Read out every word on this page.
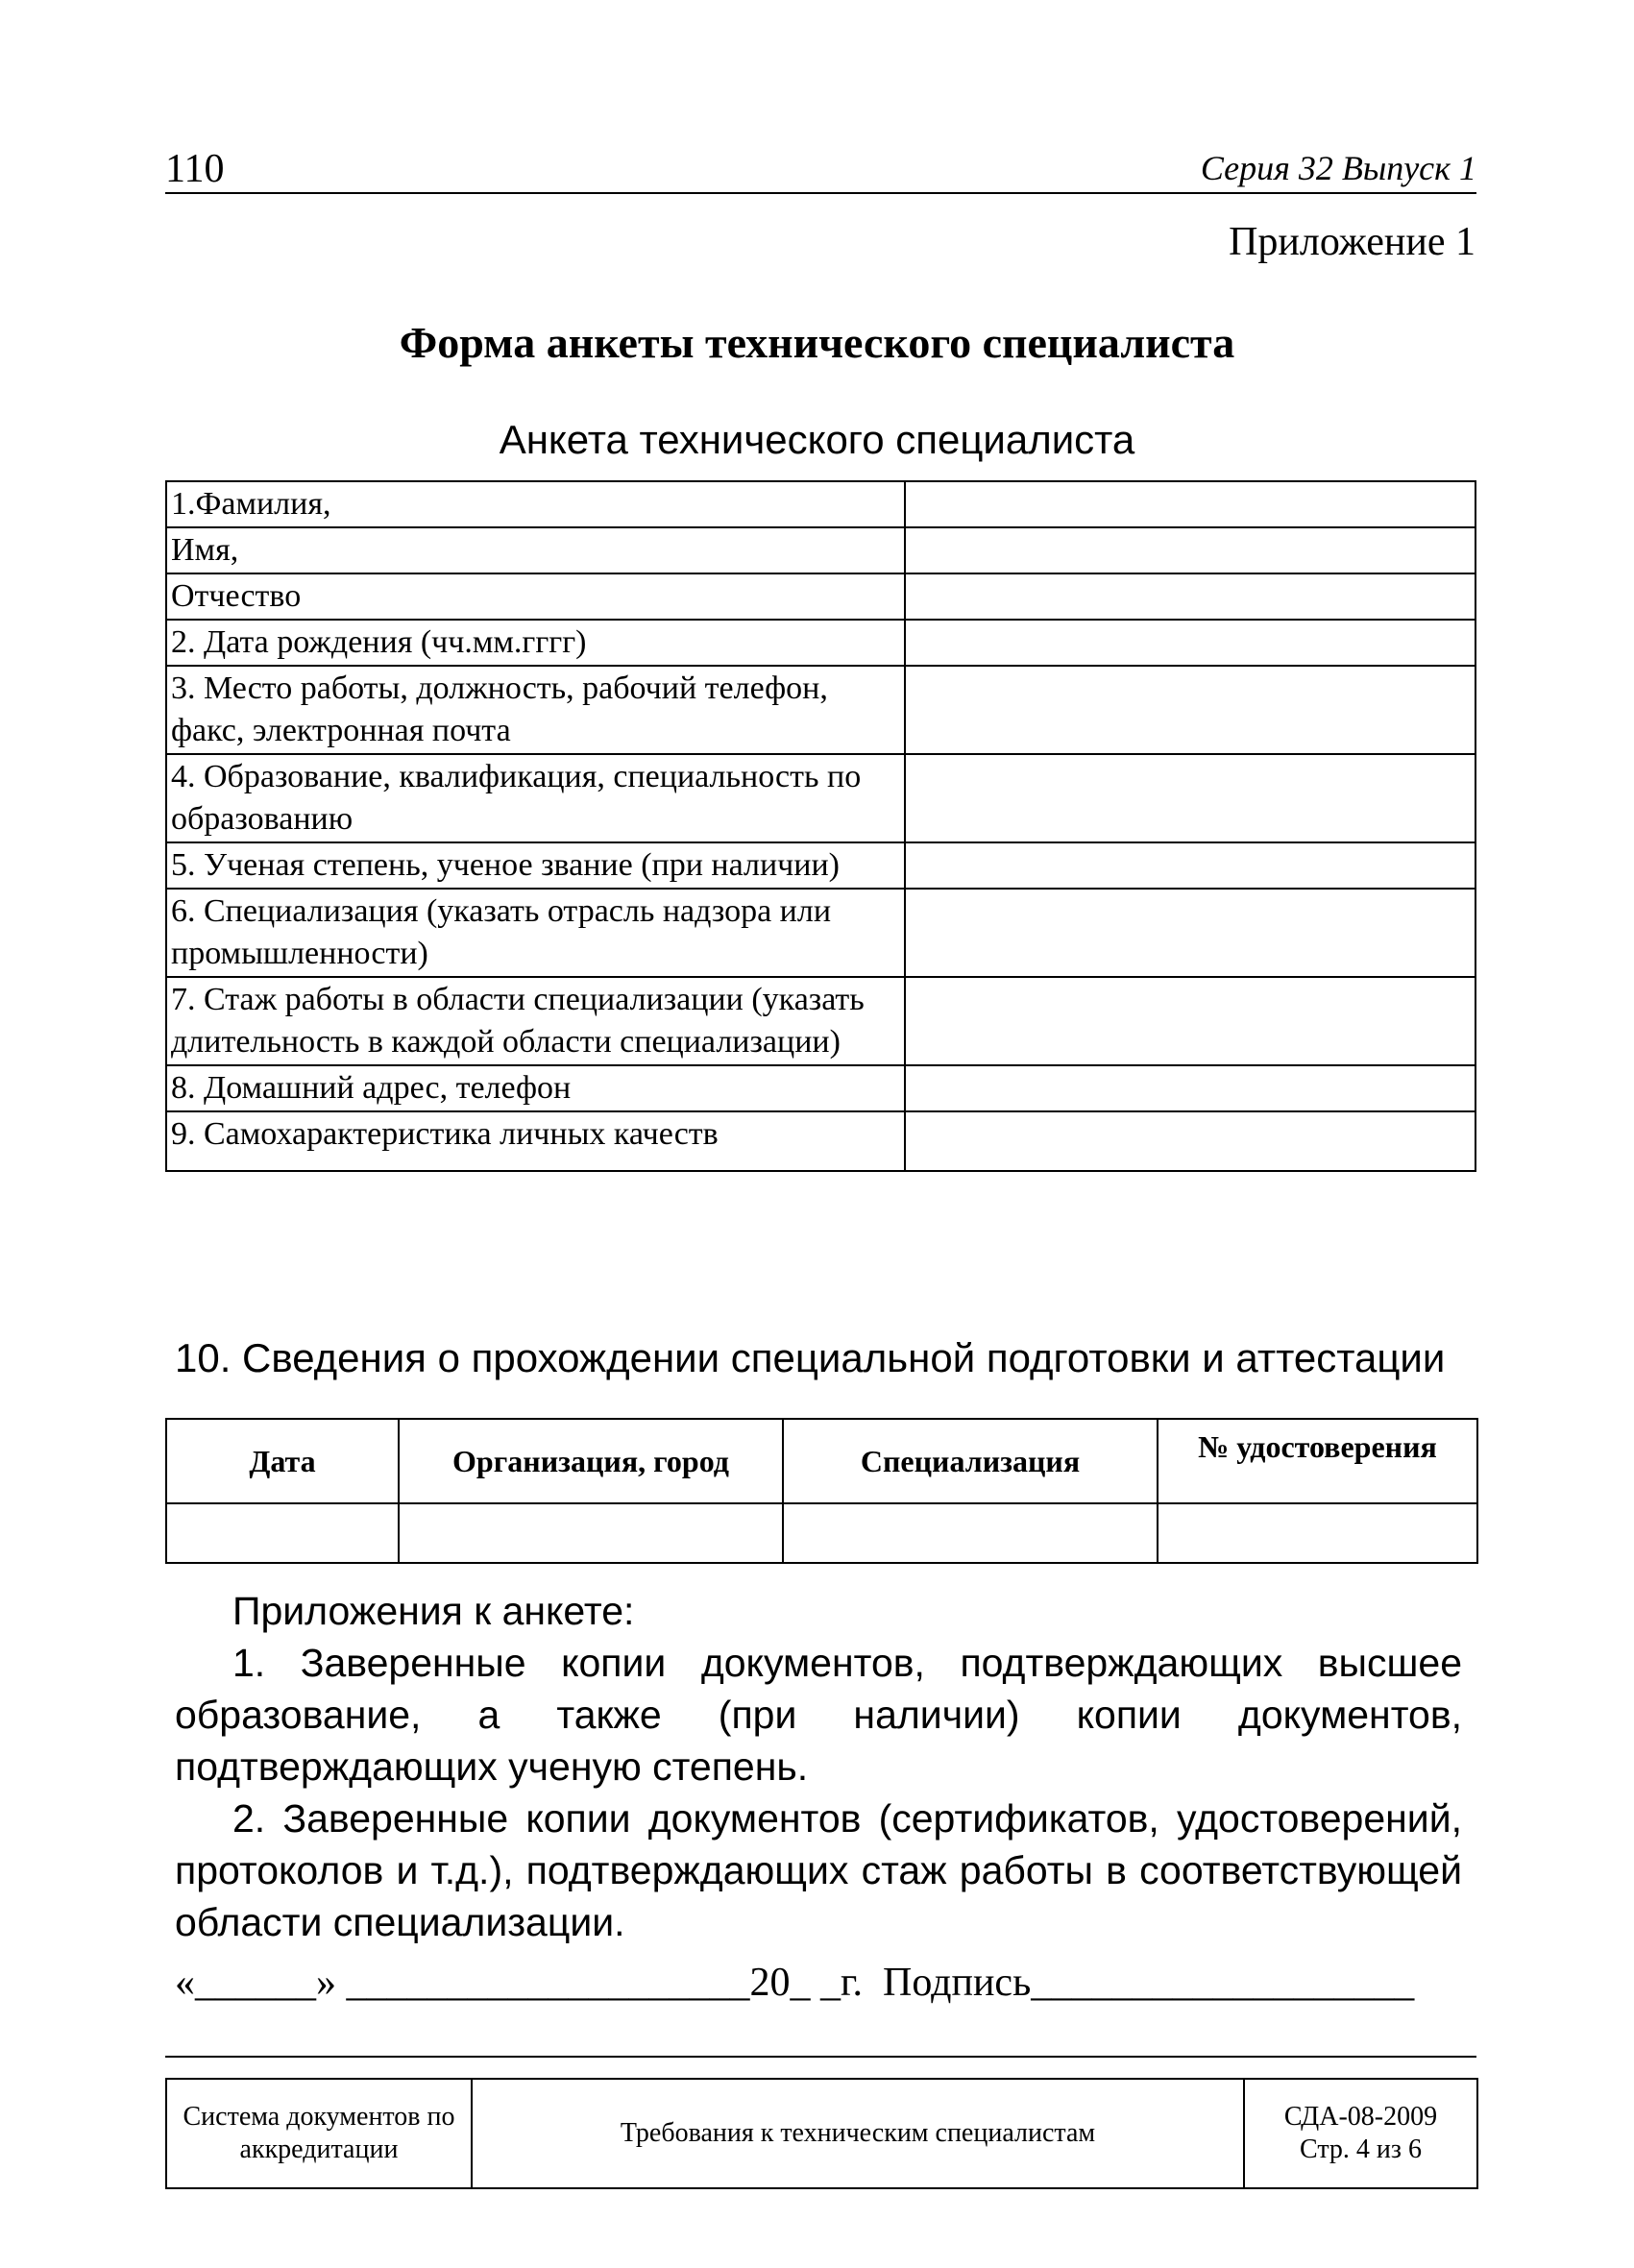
110	Серия 32 Выпуск 1
Приложение 1
Форма анкеты технического специалиста
Анкета технического специалиста
1.Фамилия,	
Имя,	
Отчество	
2. Дата рождения (чч.мм.гггг)	
3. Место работы, должность, рабочий телефон, факс, электронная почта	
4. Образование, квалификация, специальность по образованию	
5. Ученая степень, ученое звание (при наличии)	
6. Специализация (указать отрасль надзора или промышленности)	
7. Стаж работы в области специализации (указать длительность в каждой области специализации)	
8. Домашний адрес, телефон	
9. Самохарактеристика личных качеств	
10. Сведения о прохождении специальной подготовки и аттестации
Дата	Организация, город	Специализация	№ удостоверения

Приложения к анкете:

1. Заверенные копии документов, подтверждающих высшее образование, а также (при наличии) копии документов, подтверждающих ученую степень.

2. Заверенные копии документов (сертификатов, удостоверений, протоколов и т.д.), подтверждающих стаж работы в соответствующей области специализации.

«______» ____________________20_ _г.  Подпись___________________
Система документов по аккредитации	Требования к техническим специалистам	
СДА-08-2009
Стр. 4 из 6
